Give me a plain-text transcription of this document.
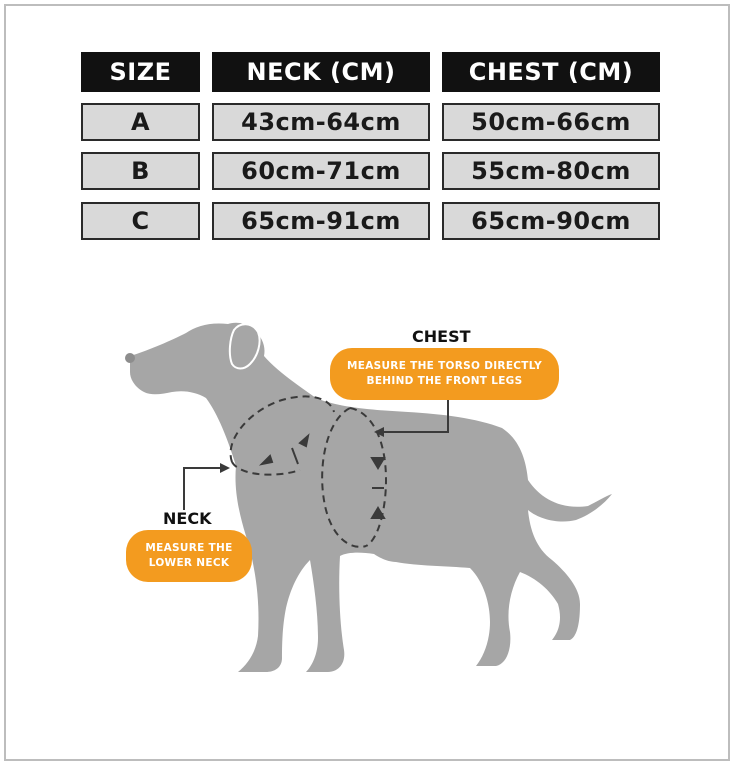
SIZE	NECK (CM)	CHEST (CM)
A	43cm-64cm	50cm-66cm
B	60cm-71cm	55cm-80cm
C	65cm-91cm	65cm-90cm
CHEST
MEASURE THE TORSO DIRECTLY
BEHIND THE FRONT LEGS
NECK
MEASURE THE
LOWER NECK
